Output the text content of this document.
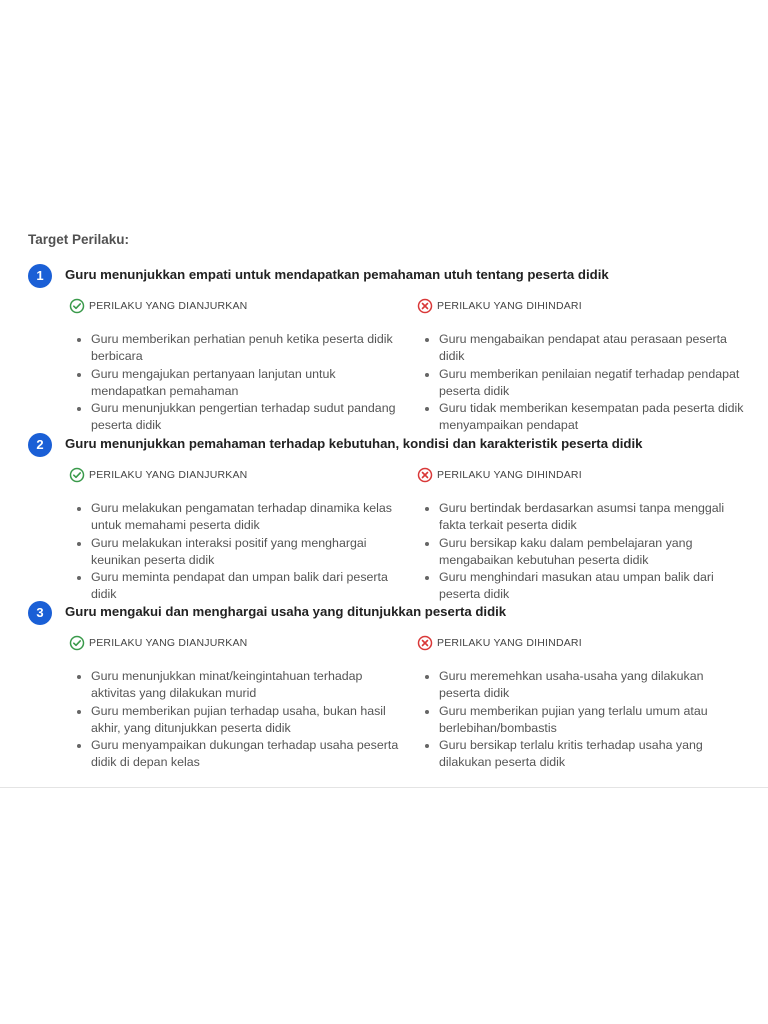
Target Perilaku:
1	Guru menunjukkan empati untuk mendapatkan pemahaman utuh tentang peserta didik
PERILAKU YANG DIANJURKAN
Guru memberikan perhatian penuh ketika peserta didik berbicara
Guru mengajukan pertanyaan lanjutan untuk mendapatkan pemahaman
Guru menunjukkan pengertian terhadap sudut pandang peserta didik
PERILAKU YANG DIHINDARI
Guru mengabaikan pendapat atau perasaan peserta didik
Guru memberikan penilaian negatif terhadap pendapat peserta didik
Guru tidak memberikan kesempatan pada peserta didik menyampaikan pendapat
2	Guru menunjukkan pemahaman terhadap kebutuhan, kondisi dan karakteristik peserta didik
PERILAKU YANG DIANJURKAN
Guru melakukan pengamatan terhadap dinamika kelas untuk memahami peserta didik
Guru melakukan interaksi positif yang menghargai keunikan peserta didik
Guru meminta pendapat dan umpan balik dari peserta didik
PERILAKU YANG DIHINDARI
Guru bertindak berdasarkan asumsi tanpa menggali fakta terkait peserta didik
Guru bersikap kaku dalam pembelajaran yang mengabaikan kebutuhan peserta didik
Guru menghindari masukan atau umpan balik dari peserta didik
3	Guru mengakui dan menghargai usaha yang ditunjukkan peserta didik
PERILAKU YANG DIANJURKAN
Guru menunjukkan minat/keingintahuan terhadap aktivitas yang dilakukan murid
Guru memberikan pujian terhadap usaha, bukan hasil akhir, yang ditunjukkan peserta didik
Guru menyampaikan dukungan terhadap usaha peserta didik di depan kelas
PERILAKU YANG DIHINDARI
Guru meremehkan usaha-usaha yang dilakukan peserta didik
Guru memberikan pujian yang terlalu umum atau berlebihan/bombastis
Guru bersikap terlalu kritis terhadap usaha yang dilakukan peserta didik
